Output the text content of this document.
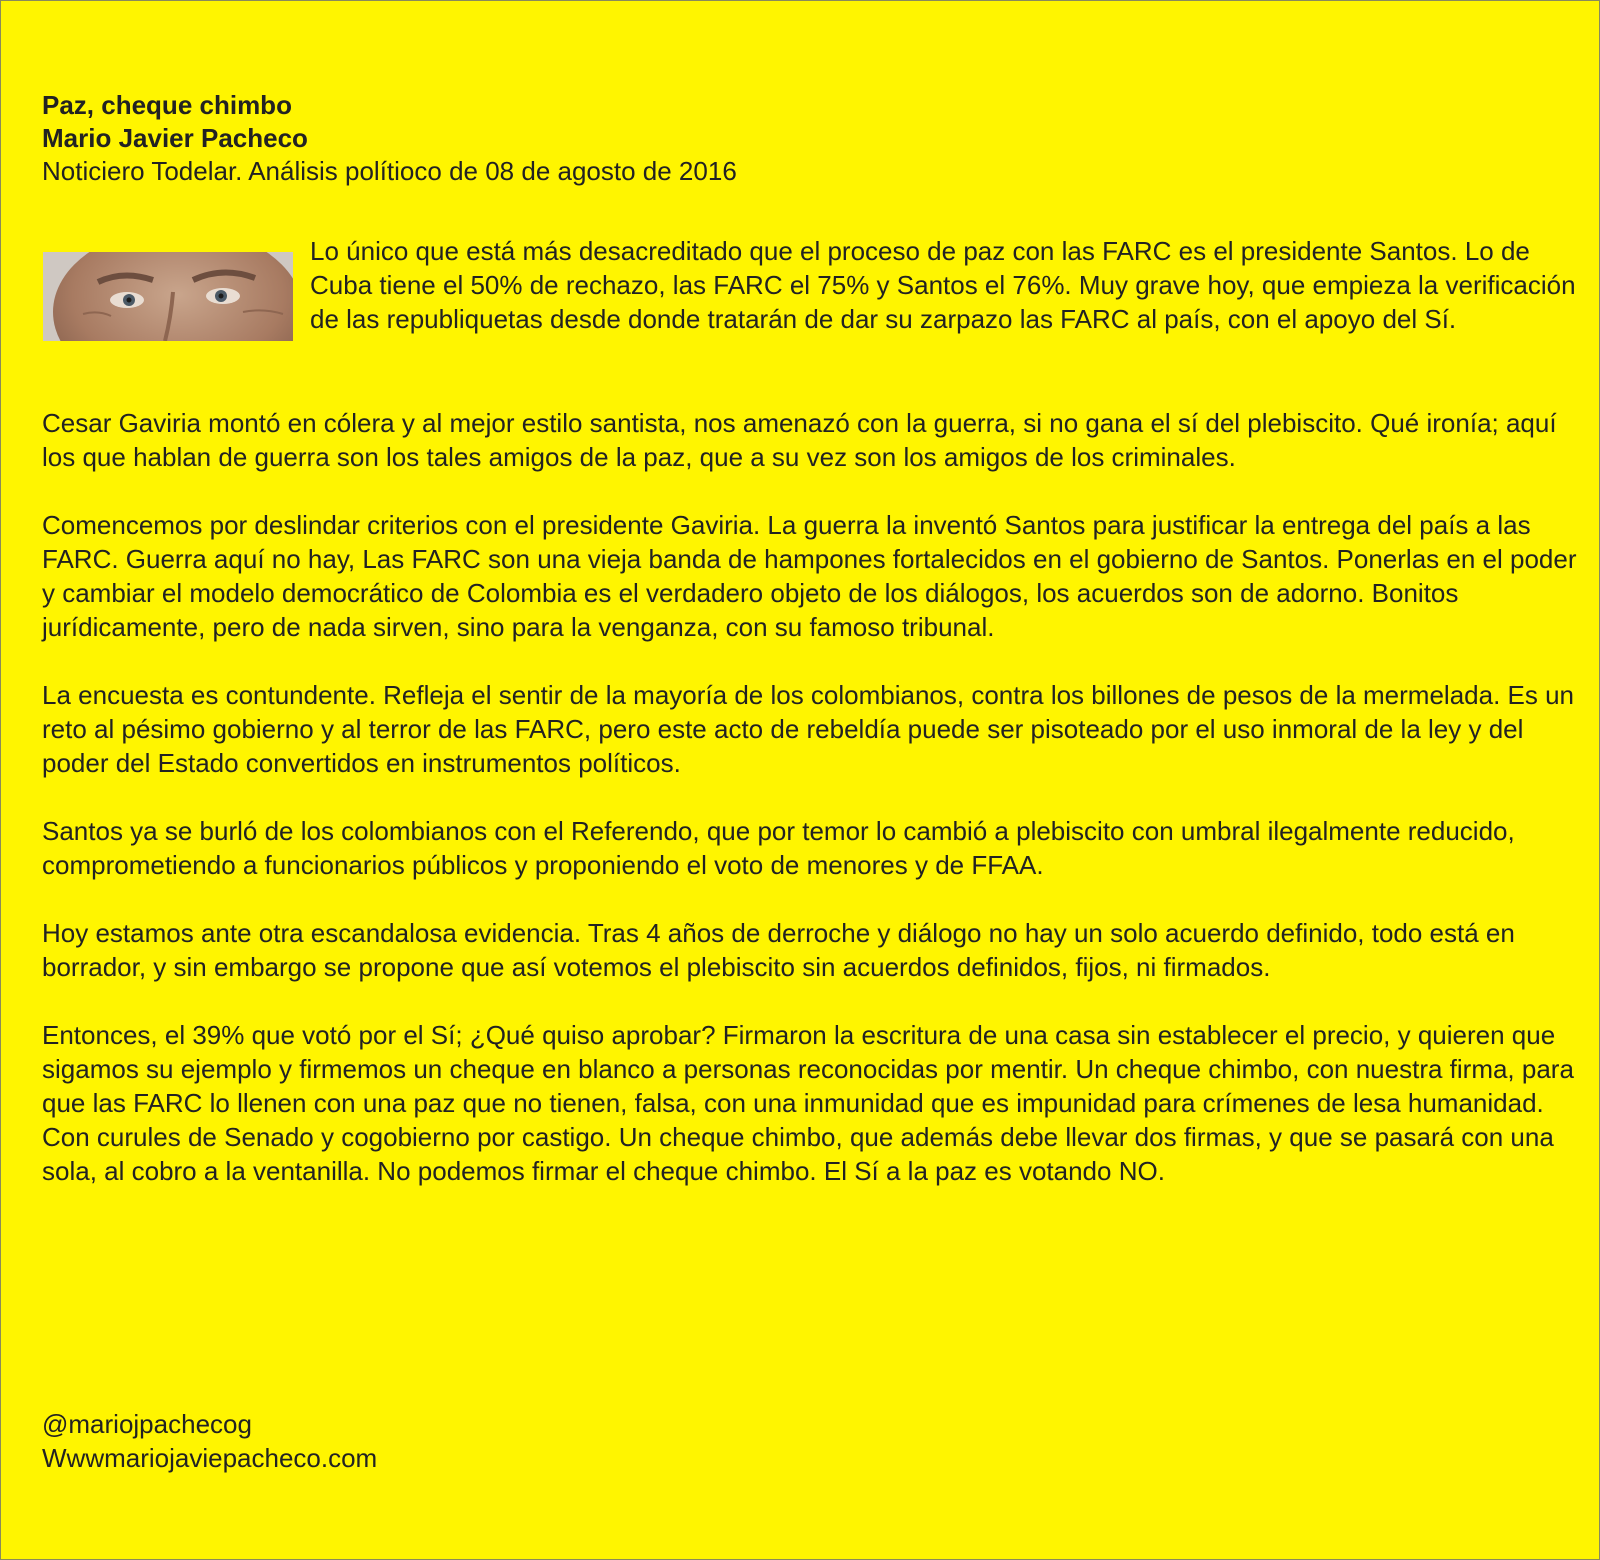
Paz, cheque chimbo
Mario Javier Pacheco
Noticiero Todelar. Análisis polítioco de 08 de agosto de 2016

Lo único que está más desacreditado que el proceso de paz con las FARC es el presidente Santos. Lo de Cuba tiene el 50% de rechazo, las FARC el 75% y Santos el 76%. Muy grave hoy, que empieza la verificación de las republiquetas desde donde tratarán de dar su zarpazo las FARC al país, con el apoyo del Sí.

Cesar Gaviria montó en cólera y al mejor estilo santista, nos amenazó con la guerra, si no gana el sí del plebiscito. Qué ironía; aquí los que hablan de guerra son los tales amigos de la paz, que a su vez son los amigos de los criminales.

Comencemos por deslindar criterios con el presidente Gaviria. La guerra la inventó Santos para justificar la entrega del país a las FARC. Guerra aquí no hay, Las FARC son una vieja banda de hampones fortalecidos en el gobierno de Santos. Ponerlas en el poder y cambiar el modelo democrático de Colombia es el verdadero objeto de los diálogos, los acuerdos son de adorno. Bonitos jurídicamente, pero de nada sirven, sino para la venganza, con su famoso tribunal.

La encuesta es contundente. Refleja el sentir de la mayoría de los colombianos, contra los billones de pesos de la mermelada. Es un reto al pésimo gobierno y al terror de las FARC, pero este acto de rebeldía puede ser pisoteado por el uso inmoral de la ley y del poder del Estado convertidos en instrumentos políticos.

Santos ya se burló de los colombianos con el Referendo, que por temor lo cambió a plebiscito con umbral ilegalmente reducido, comprometiendo a funcionarios públicos y proponiendo el voto de menores y de FFAA.

Hoy estamos ante otra escandalosa evidencia. Tras 4 años de derroche y diálogo no hay un solo acuerdo definido, todo está en borrador, y sin embargo se propone que así votemos el plebiscito sin acuerdos definidos, fijos, ni firmados.

Entonces, el 39% que votó por el Sí; ¿Qué quiso aprobar? Firmaron la escritura de una casa sin establecer el precio, y quieren que sigamos su ejemplo y firmemos un cheque en blanco a personas reconocidas por mentir. Un cheque chimbo, con nuestra firma, para que las FARC lo llenen con una paz que no tienen, falsa, con una inmunidad que es impunidad para crímenes de lesa humanidad. Con curules de Senado y cogobierno por castigo. Un cheque chimbo, que además debe llevar dos firmas, y que se pasará con una sola, al cobro a la ventanilla. No podemos firmar el cheque chimbo. El Sí a la paz es votando NO.

@mariojpachecog
Wwwmariojaviepacheco.com
